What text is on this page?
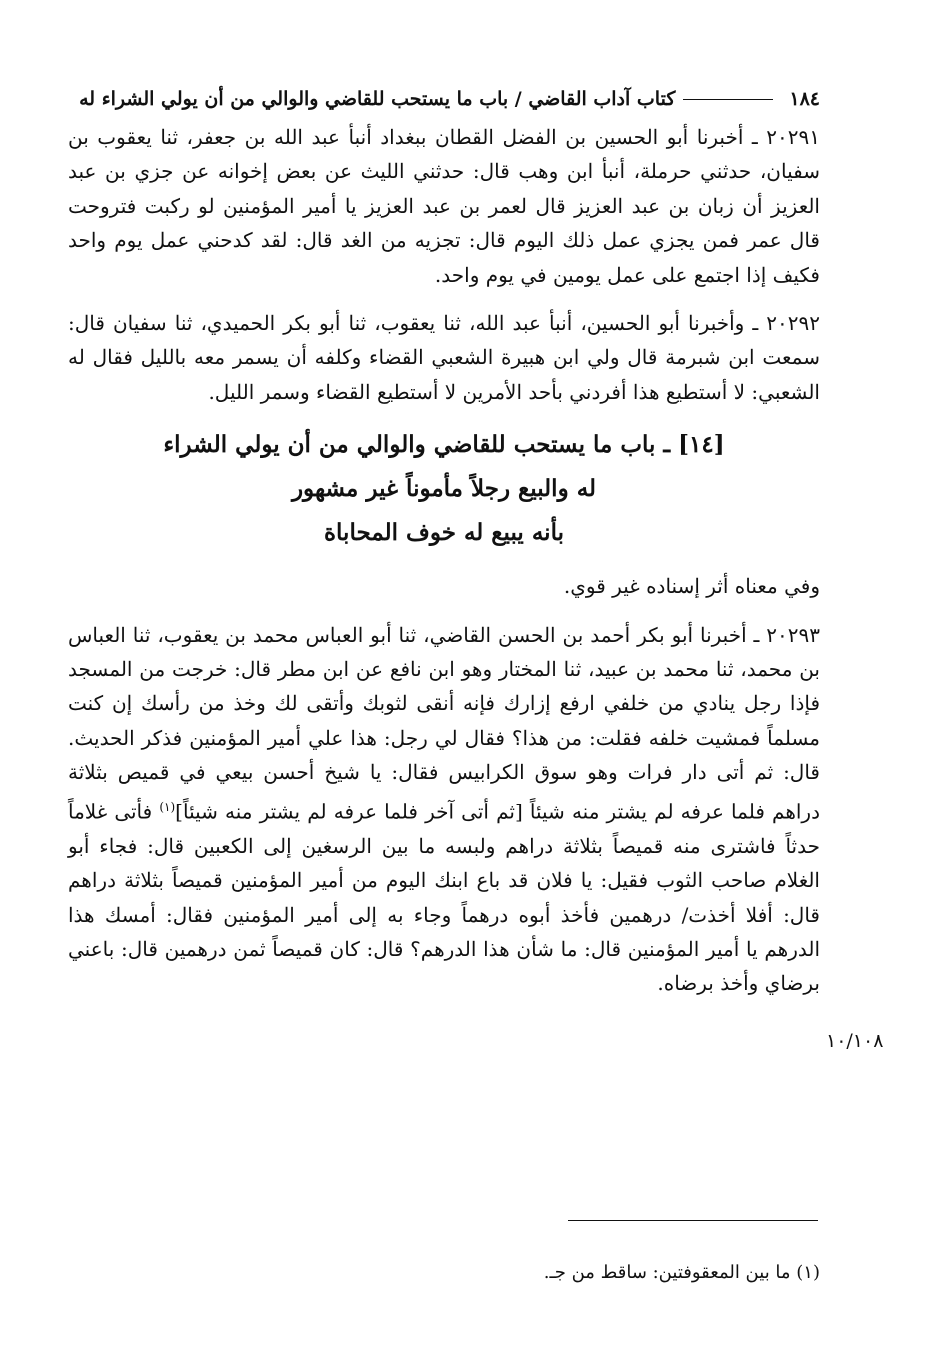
١٨٤
كتاب آداب القاضي / باب ما يستحب للقاضي والوالي من أن يولي الشراء له

٢٠٢٩١ ـ أخبرنا أبو الحسين بن الفضل القطان ببغداد أنبأ عبد الله بن جعفر، ثنا يعقوب بن سفيان، حدثني حرملة، أنبأ ابن وهب قال: حدثني الليث عن بعض إخوانه عن جزي بن عبد العزيز أن زبان بن عبد العزيز قال لعمر بن عبد العزيز يا أمير المؤمنين لو ركبت فتروحت قال عمر فمن يجزي عمل ذلك اليوم قال: تجزيه من الغد قال: لقد كدحني عمل يوم واحد فكيف إذا اجتمع على عمل يومين في يوم واحد.

٢٠٢٩٢ ـ وأخبرنا أبو الحسين، أنبأ عبد الله، ثنا يعقوب، ثنا أبو بكر الحميدي، ثنا سفيان قال: سمعت ابن شبرمة قال ولي ابن هبيرة الشعبي القضاء وكلفه أن يسمر معه بالليل فقال له الشعبي: لا أستطيع هذا أفردني بأحد الأمرين لا أستطيع القضاء وسمر الليل.

[١٤] ـ باب ما يستحب للقاضي والوالي من أن يولي الشراء
له والبيع رجلاً مأموناً غير مشهور
بأنه يبيع له خوف المحاباة

وفي معناه أثر إسناده غير قوي.

٢٠٢٩٣ ـ أخبرنا أبو بكر أحمد بن الحسن القاضي، ثنا أبو العباس محمد بن يعقوب، ثنا العباس بن محمد، ثنا محمد بن عبيد، ثنا المختار وهو ابن نافع عن ابن مطر قال: خرجت من المسجد فإذا رجل ينادي من خلفي ارفع إزارك فإنه أنقى لثوبك وأتقى لك وخذ من رأسك إن كنت مسلماً فمشيت خلفه فقلت: من هذا؟ فقال لي رجل: هذا علي أمير المؤمنين فذكر الحديث. قال: ثم أتى دار فرات وهو سوق الكرابيس فقال: يا شيخ أحسن بيعي في قميص بثلاثة دراهم فلما عرفه لم يشتر منه شيئاً [ثم أتى آخر فلما عرفه لم يشتر منه شيئاً]$^{(١)}$ فأتى غلاماً حدثاً فاشترى منه قميصاً بثلاثة دراهم ولبسه ما بين الرسغين إلى الكعبين قال: فجاء أبو الغلام صاحب الثوب فقيل: يا فلان قد باع ابنك اليوم من أمير المؤمنين قميصاً بثلاثة دراهم قال: أفلا أخذت/ درهمين فأخذ أبوه درهماً وجاء به إلى أمير المؤمنين فقال: أمسك هذا الدرهم يا أمير المؤمنين قال: ما شأن هذا الدرهم؟ قال: كان قميصاً ثمن درهمين قال: باعني برضاي وأخذ برضاه.

١٠/١٠٨
(١) ما بين المعقوفتين: ساقط من جـ.
